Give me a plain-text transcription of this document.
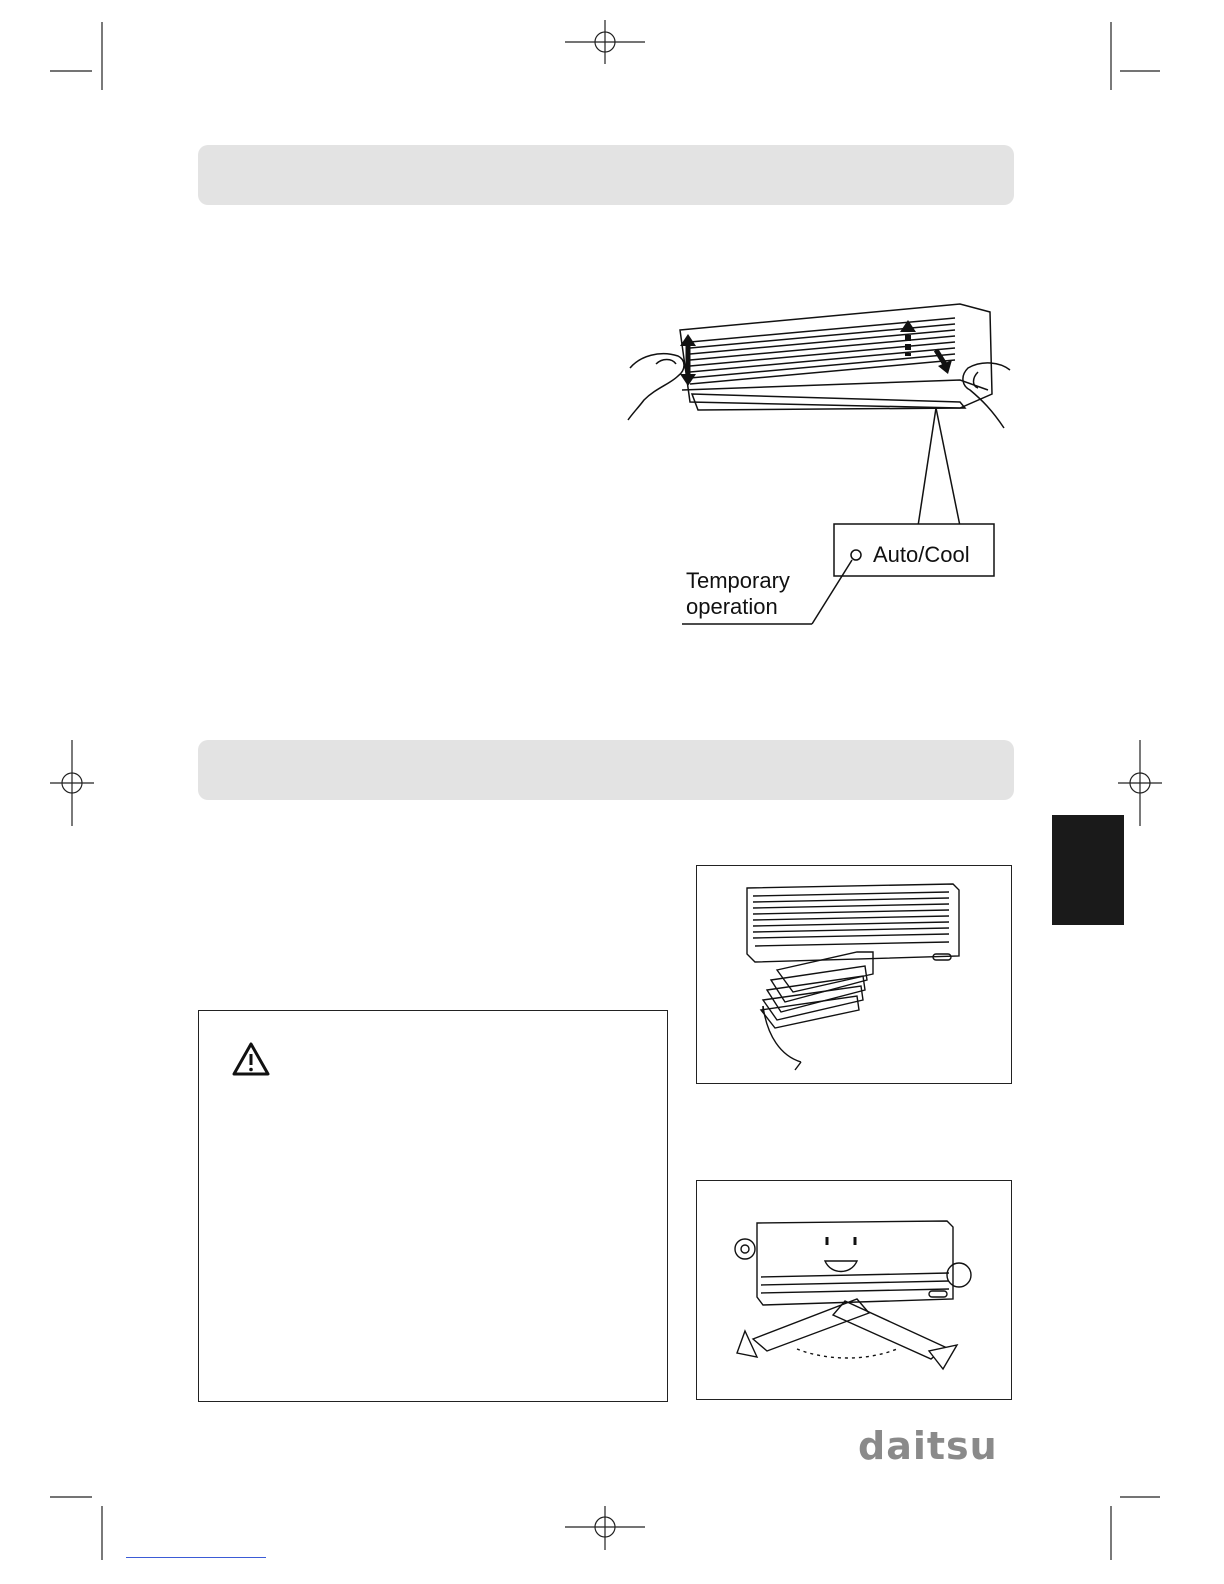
Auto/Cool
Temporary
operation
daitsu
